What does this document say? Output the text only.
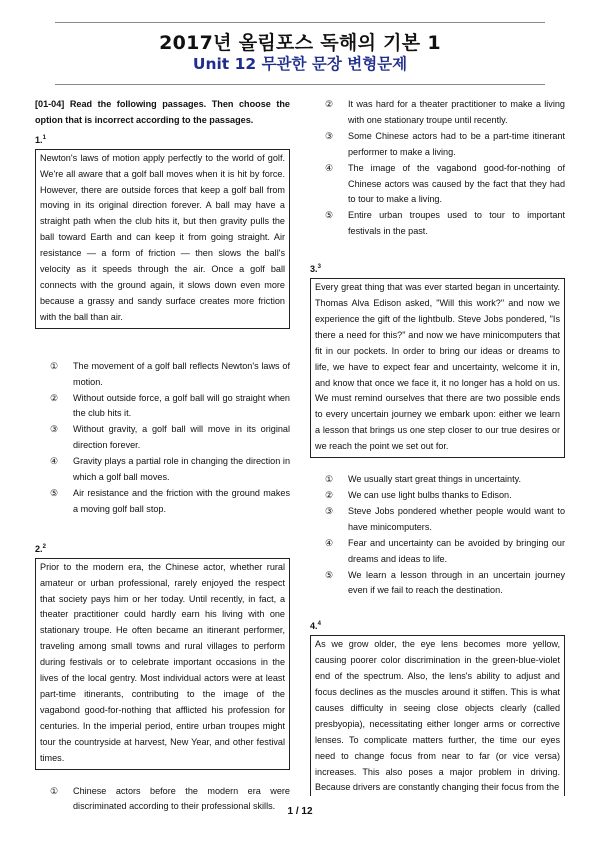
2017년 올림포스 독해의 기본 1
Unit 12 무관한 문장 변형문제
[01-04] Read the following passages. Then choose the option that is incorrect according to the passages.
1.$^1$
Newton's laws of motion apply perfectly to the world of golf. We're all aware that a golf ball moves when it is hit by force. However, there are outside forces that keep a golf ball from moving in its original direction forever. A ball may have a straight path when the club hits it, but then gravity pulls the ball toward Earth and can keep it from going straight. Air resistance — a form of friction — then slows the ball's velocity as it speeds through the air. Once a golf ball connects with the ground again, it slows down even more because a grassy and sandy surface creates more friction with the ball than air.
①	The movement of a golf ball reflects Newton's laws of motion.
②	Without outside force, a golf ball will go straight when the club hits it.
③	Without gravity, a golf ball will move in its original direction forever.
④	Gravity plays a partial role in changing the direction in which a golf ball moves.
⑤	Air resistance and the friction with the ground makes a moving golf ball stop.
2.$^2$
Prior to the modern era, the Chinese actor, whether rural amateur or urban professional, rarely enjoyed the respect that society pays him or her today. Until recently, in fact, a theater practitioner could hardly earn his living with one stationary troupe. He often became an itinerant performer, traveling among small towns and rural villages to perform during festivals or to celebrate important occasions in the lives of the local gentry. Most individual actors were at least part-time itinerants, contributing to the image of the vagabond good-for-nothing that afflicted his profession for centuries. In the imperial period, entire urban troupes might tour the countryside at harvest, New Year, and other festival times.
①	Chinese actors before the modern era were discriminated according to their professional skills.
②	It was hard for a theater practitioner to make a living with one stationary troupe until recently.
③	Some Chinese actors had to be a part-time itinerant performer to make a living.
④	The image of the vagabond good-for-nothing of Chinese actors was caused by the fact that they had to tour to make a living.
⑤	Entire urban troupes used to tour to important festivals in the past.
3.$^3$
Every great thing that was ever started began in uncertainty. Thomas Alva Edison asked, "Will this work?" and now we experience the gift of the lightbulb. Steve Jobs pondered, "Is there a need for this?" and now we have minicomputers that fit in our pockets. In order to bring our ideas or dreams to life, we have to expect fear and uncertainty, welcome it in, and know that once we face it, it no longer has a hold on us. We must remind ourselves that there are two possible ends to every uncertain journey we embark upon: either we learn a lesson that brings us one step closer to our true desires or we reach the point we set out for.
①	We usually start great things in uncertainty.
②	We can use light bulbs thanks to Edison.
③	Steve Jobs pondered whether people would want to have minicomputers.
④	Fear and uncertainty can be avoided by bringing our dreams and ideas to life.
⑤	We learn a lesson through in an uncertain journey even if we fail to reach the destination.
4.$^4$
As we grow older, the eye lens becomes more yellow, causing poorer color discrimination in the green-blue-violet end of the spectrum. Also, the lens's ability to adjust and focus declines as the muscles around it stiffen. This is what causes difficulty in seeing close objects clearly (called presbyopia), necessitating either longer arms or corrective lenses. To complicate matters further, the time our eyes need to change focus from near to far (or vice versa) increases. This also poses a major problem in driving. Because drivers are constantly changing their focus from the
1 / 12
